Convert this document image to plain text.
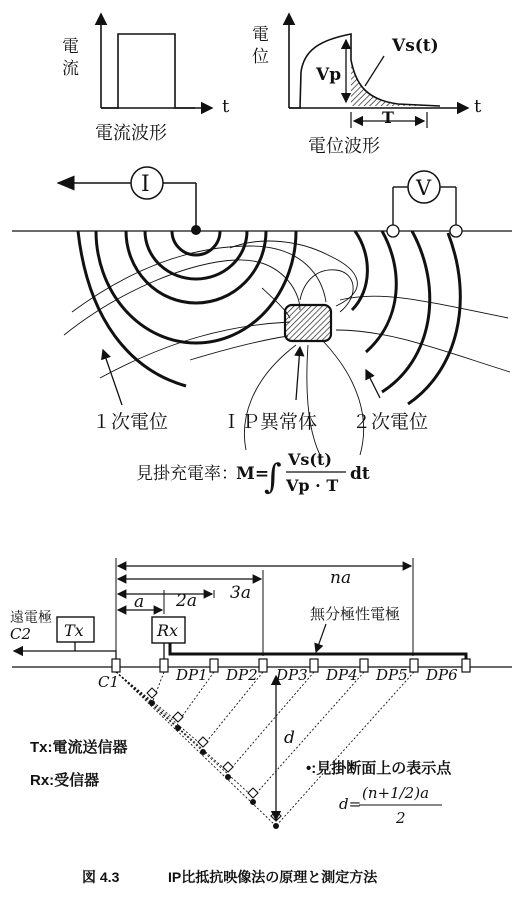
電
流
t
電流波形
電
位
Vp
Vs(t)
t
T
電位波形
I	V
１次電位	ＩＰ異常体 ２次電位
見掛充電率：
M=
∫ Vs(t)
Vp · T
dt
na
3a
2a
a
遠電極
C2 Tx	Rx
無分極性電極
C1	DP1 DP2 DP3 DP4 DP5 DP6
d
Tx:電流送信器
Rx:受信器
•:見掛断面上の表示点
d=
(n+1/2)a
2
図 4.3	IP比抵抗映像法の原理と測定方法
